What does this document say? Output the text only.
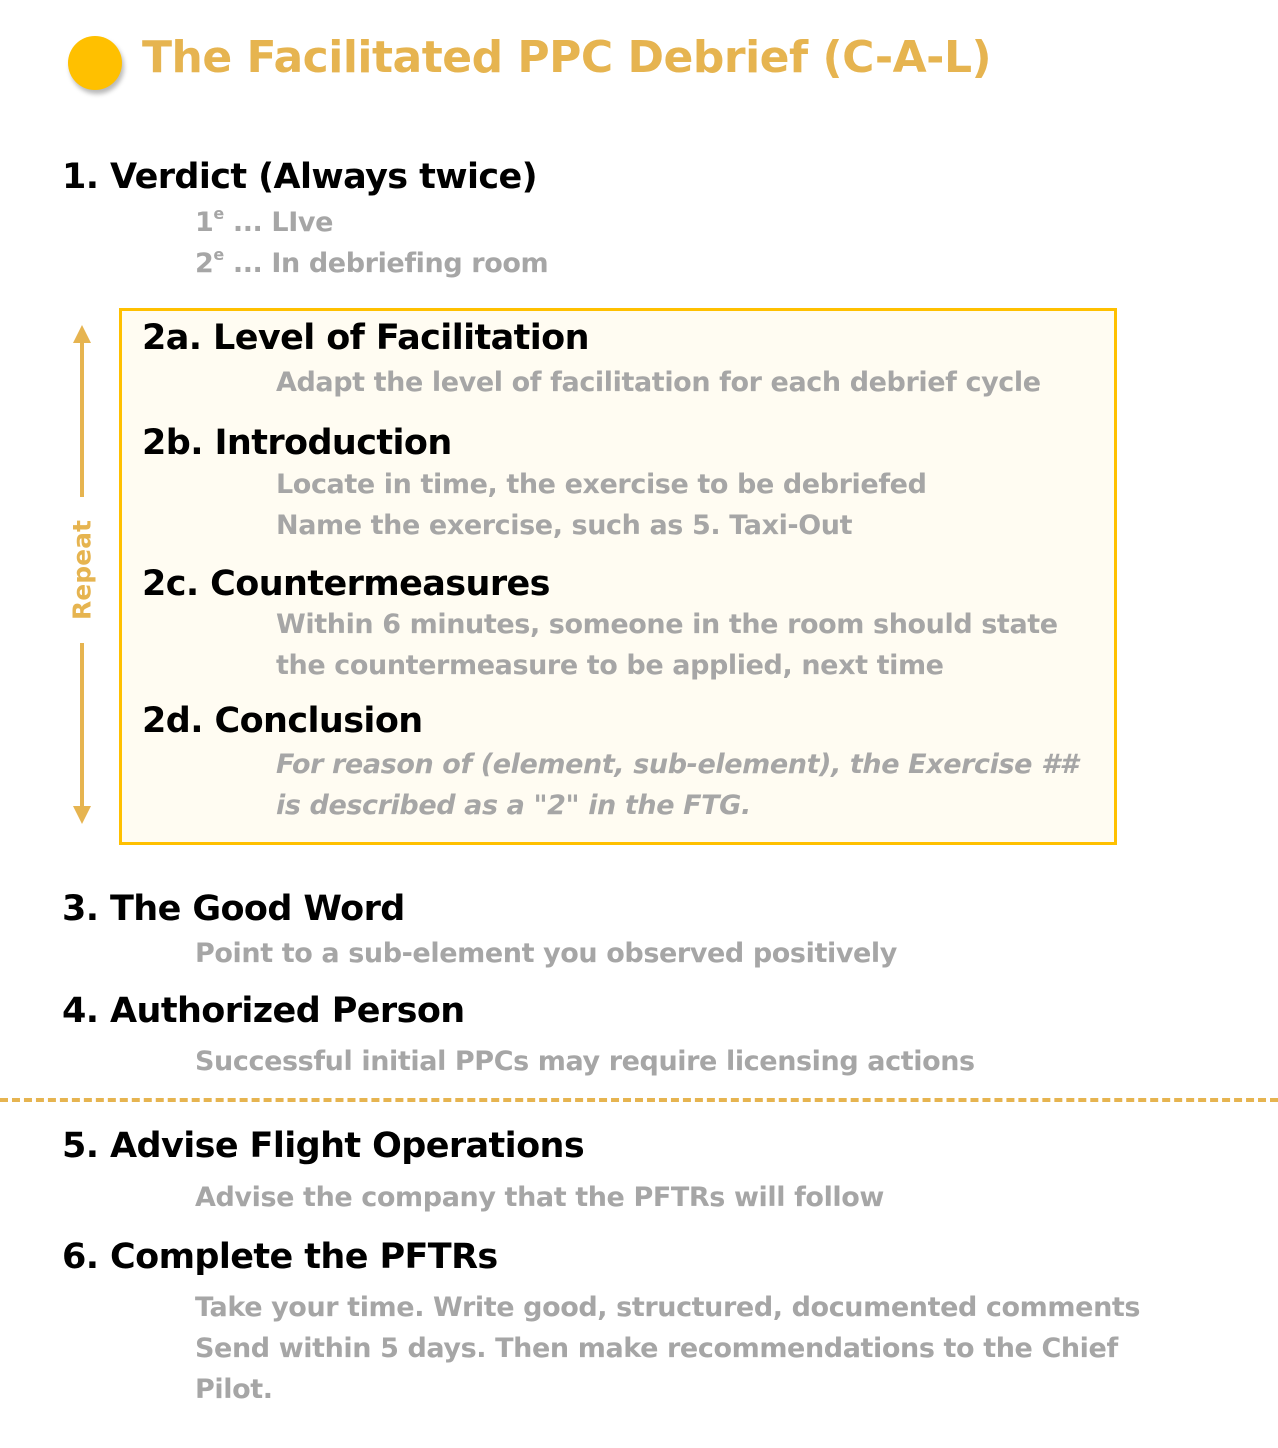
The Facilitated PPC Debrief (C-A-L)
1. Verdict (Always twice)
1e ... LIve
2e ... In debriefing room
Repeat
2a. Level of Facilitation
Adapt the level of facilitation for each debrief cycle
2b. Introduction
Locate in time, the exercise to be debriefed
Name the exercise, such as 5. Taxi-Out
2c. Countermeasures
Within 6 minutes, someone in the room should state
the countermeasure to be applied, next time
2d. Conclusion
For reason of (element, sub-element), the Exercise ##
is described as a "2" in the FTG.
3. The Good Word
Point to a sub-element you observed positively
4. Authorized Person
Successful initial PPCs may require licensing actions
5. Advise Flight Operations
Advise the company that the PFTRs will follow
6. Complete the PFTRs
Take your time. Write good, structured, documented comments
Send within 5 days. Then make recommendations to the Chief
Pilot.
